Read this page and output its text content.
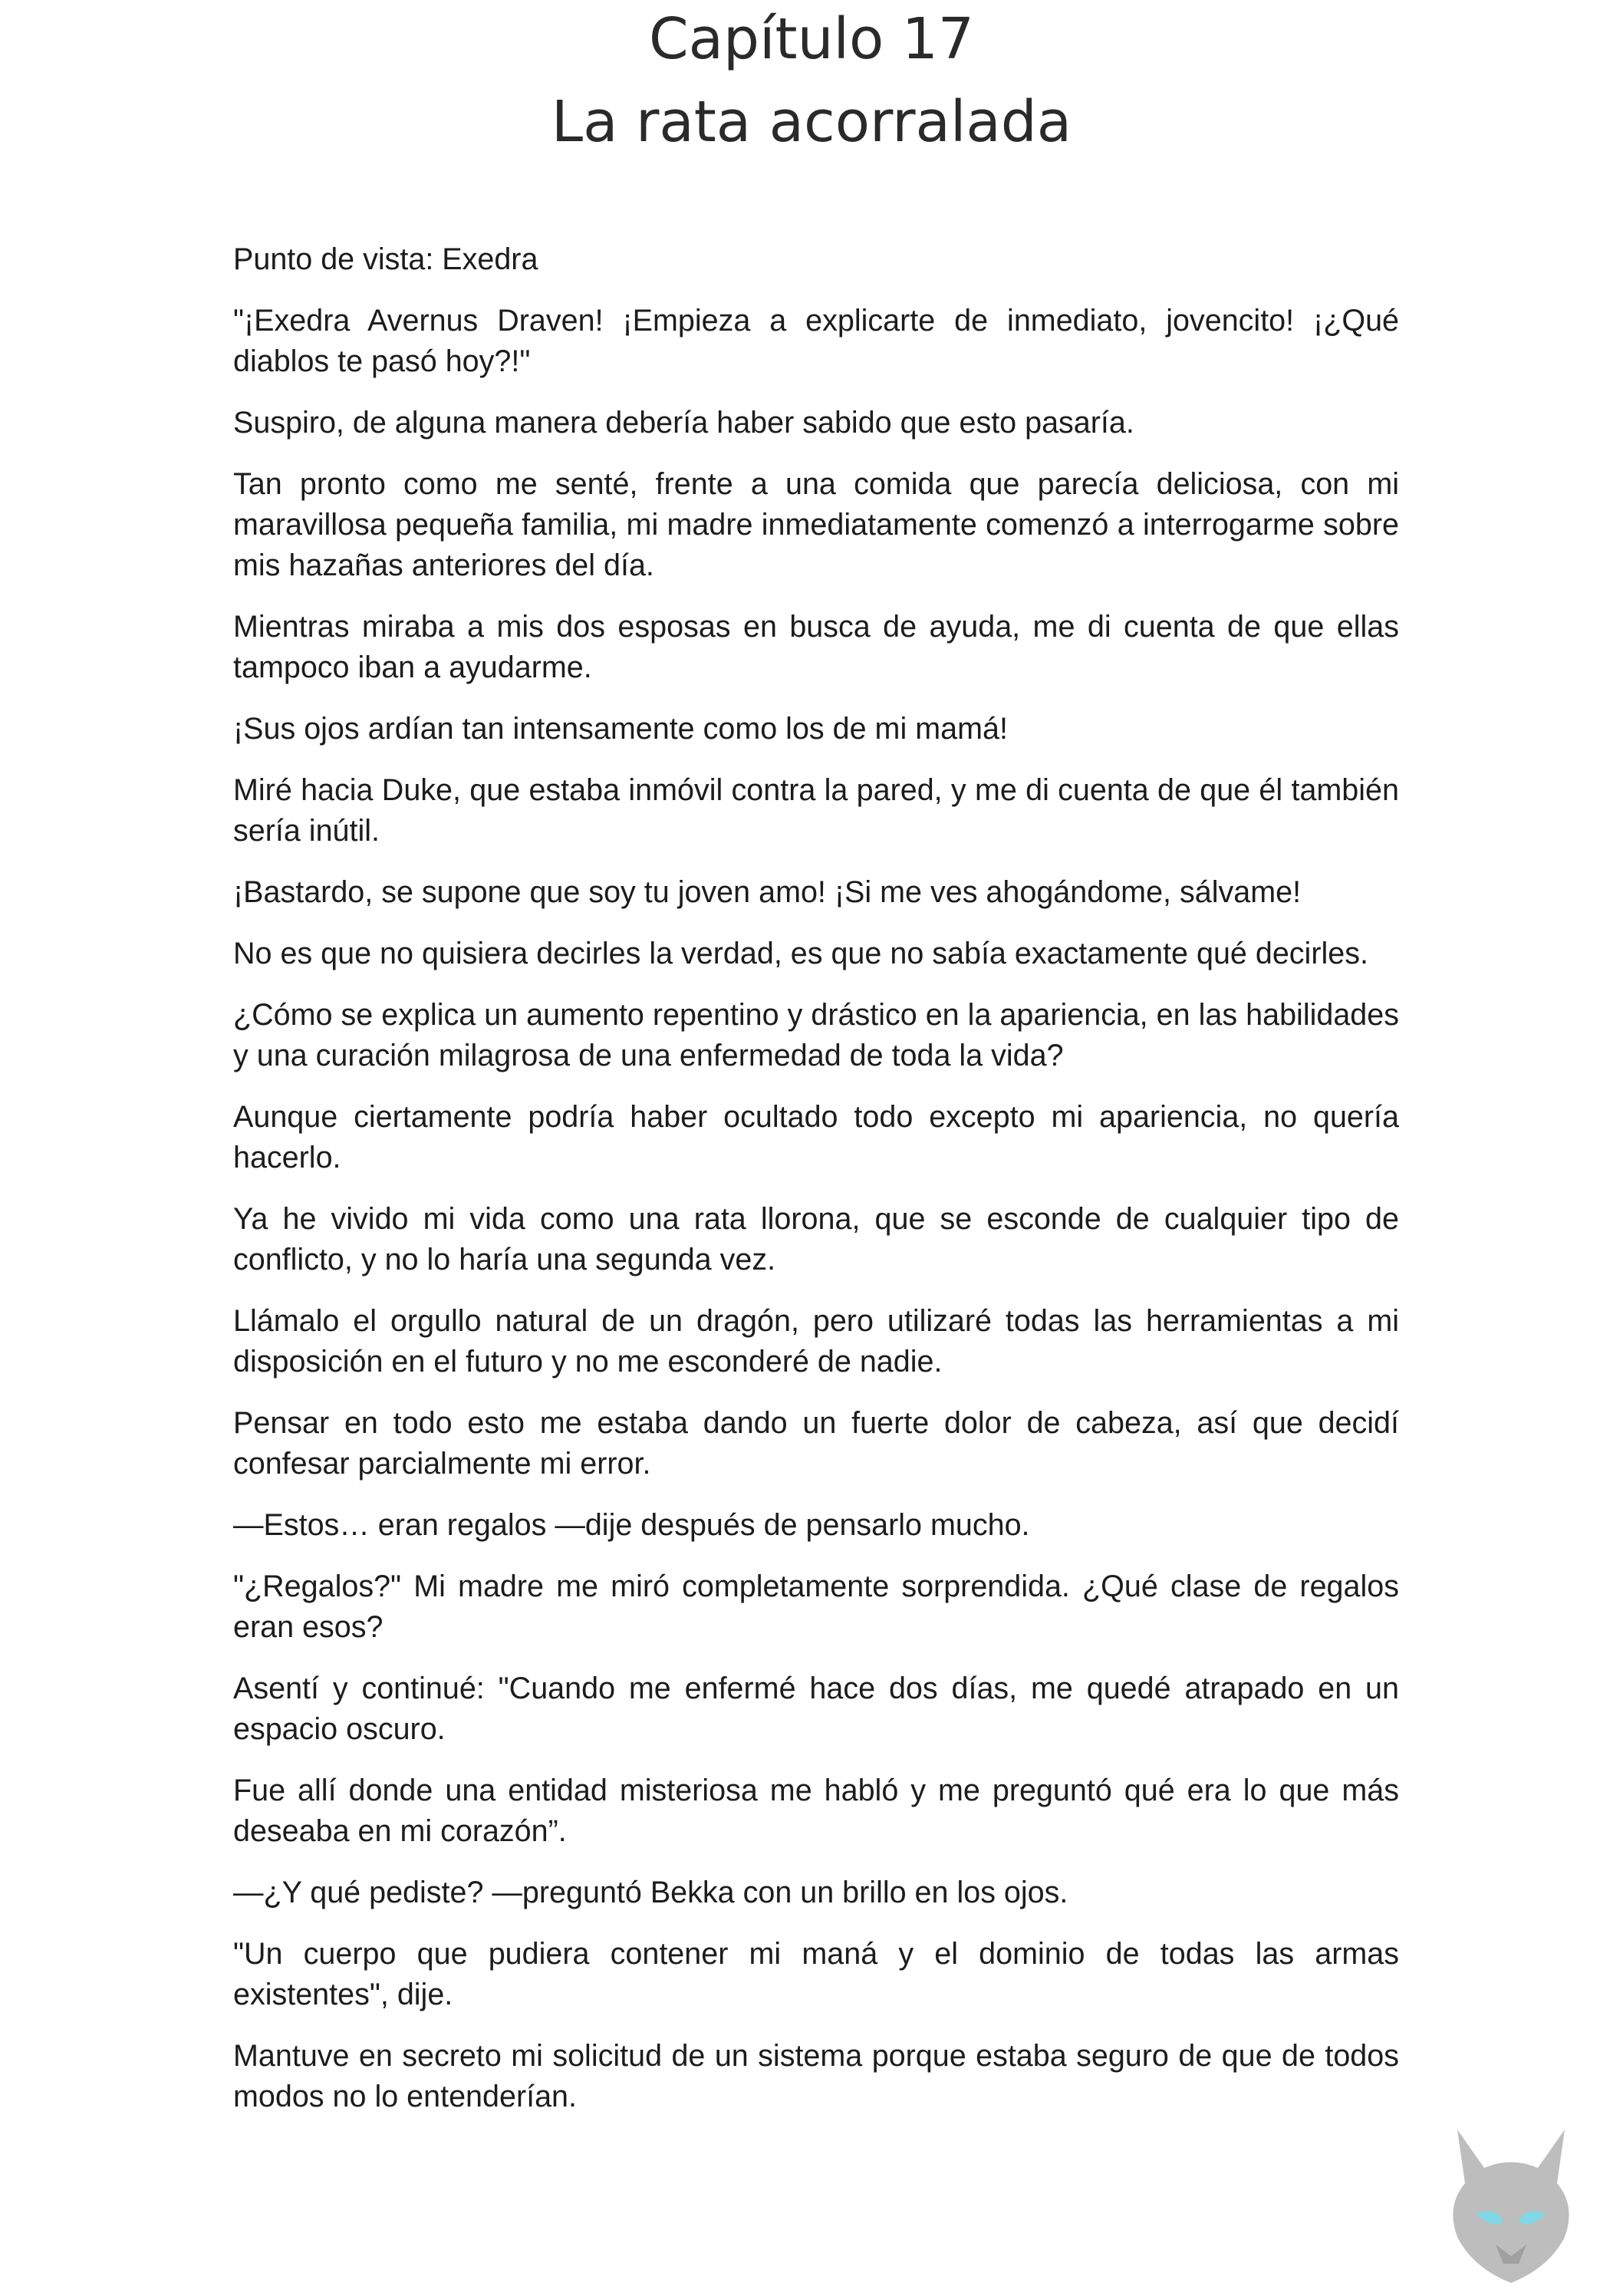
Capítulo 17
La rata acorralada

Punto de vista: Exedra

"¡Exedra Avernus Draven! ¡Empieza a explicarte de inmediato, jovencito! ¡¿Qué diablos te pasó hoy?!"

Suspiro, de alguna manera debería haber sabido que esto pasaría.

Tan pronto como me senté, frente a una comida que parecía deliciosa, con mi maravillosa pequeña familia, mi madre inmediatamente comenzó a interrogarme sobre mis hazañas anteriores del día.

Mientras miraba a mis dos esposas en busca de ayuda, me di cuenta de que ellas tampoco iban a ayudarme.

¡Sus ojos ardían tan intensamente como los de mi mamá!

Miré hacia Duke, que estaba inmóvil contra la pared, y me di cuenta de que él también sería inútil.

¡Bastardo, se supone que soy tu joven amo! ¡Si me ves ahogándome, sálvame!

No es que no quisiera decirles la verdad, es que no sabía exactamente qué decirles.

¿Cómo se explica un aumento repentino y drástico en la apariencia, en las habilidades y una curación milagrosa de una enfermedad de toda la vida?

Aunque ciertamente podría haber ocultado todo excepto mi apariencia, no quería hacerlo.

Ya he vivido mi vida como una rata llorona, que se esconde de cualquier tipo de conflicto, y no lo haría una segunda vez.

Llámalo el orgullo natural de un dragón, pero utilizaré todas las herramientas a mi disposición en el futuro y no me esconderé de nadie.

Pensar en todo esto me estaba dando un fuerte dolor de cabeza, así que decidí confesar parcialmente mi error.

—Estos… eran regalos —dije después de pensarlo mucho.

"¿Regalos?" Mi madre me miró completamente sorprendida. ¿Qué clase de regalos eran esos?

Asentí y continué: "Cuando me enfermé hace dos días, me quedé atrapado en un espacio oscuro.

Fue allí donde una entidad misteriosa me habló y me preguntó qué era lo que más deseaba en mi corazón”.

—¿Y qué pediste? —preguntó Bekka con un brillo en los ojos.

"Un cuerpo que pudiera contener mi maná y el dominio de todas las armas existentes", dije.

Mantuve en secreto mi solicitud de un sistema porque estaba seguro de que de todos modos no lo entenderían.
